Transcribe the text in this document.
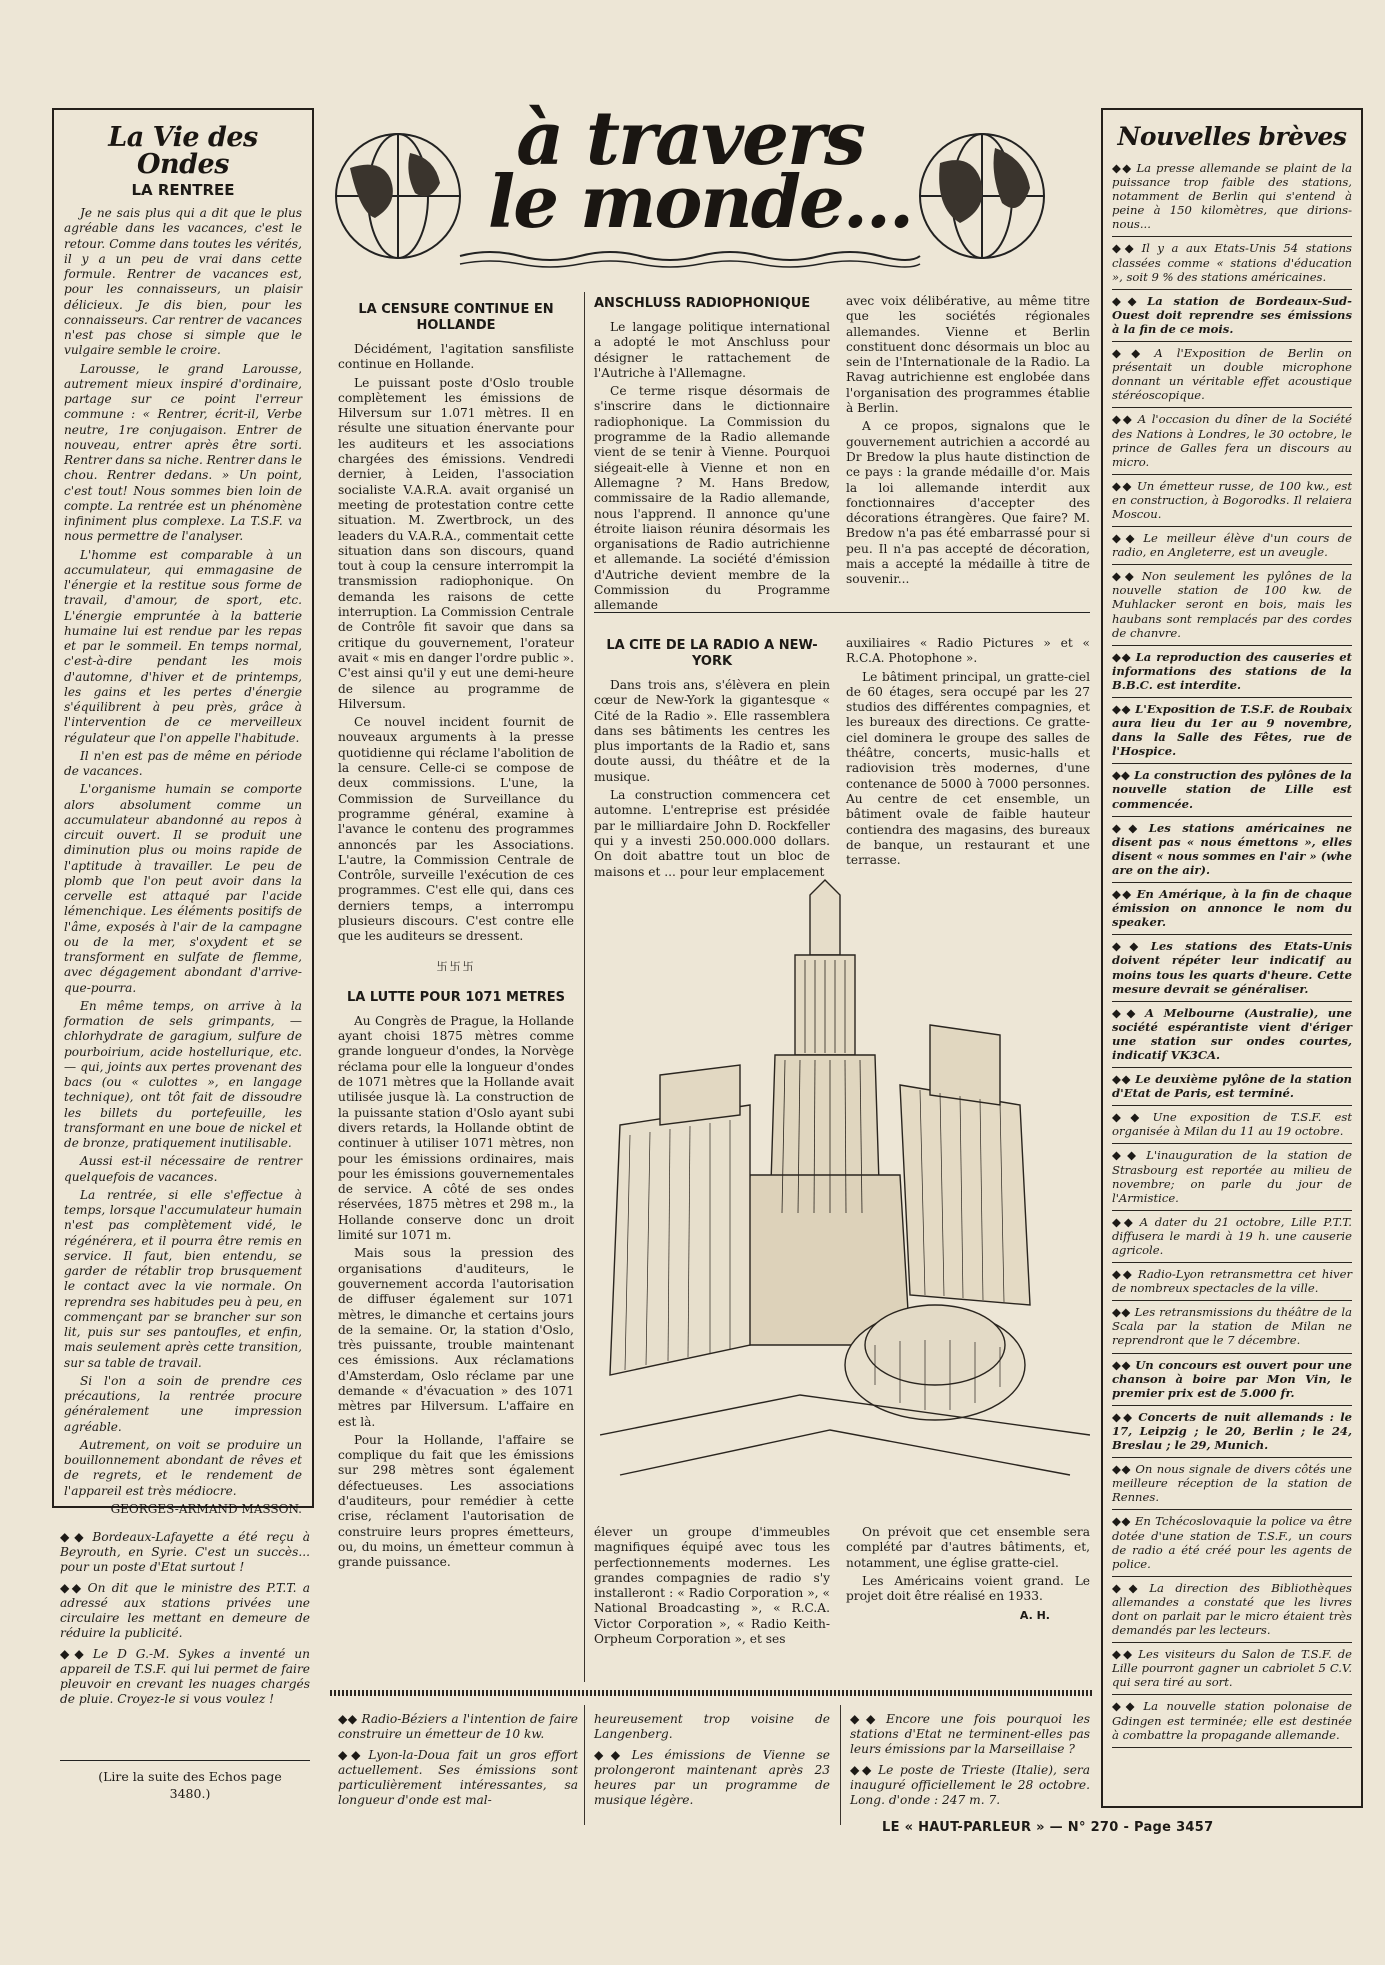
La Vie des Ondes
LA RENTREE

Je ne sais plus qui a dit que le plus agréable dans les vacances, c'est le retour. Comme dans toutes les vérités, il y a un peu de vrai dans cette formule. Rentrer de vacances est, pour les connaisseurs, un plaisir délicieux. Je dis bien, pour les connaisseurs. Car rentrer de vacances n'est pas chose si simple que le vulgaire semble le croire.

Larousse, le grand Larousse, autrement mieux inspiré d'ordinaire, partage sur ce point l'erreur commune : « Rentrer, écrit-il, Verbe neutre, 1re conjugaison. Entrer de nouveau, entrer après être sorti. Rentrer dans sa niche. Rentrer dans le chou. Rentrer dedans. » Un point, c'est tout! Nous sommes bien loin de compte. La rentrée est un phénomène infiniment plus complexe. La T.S.F. va nous permettre de l'analyser.

L'homme est comparable à un accumulateur, qui emmagasine de l'énergie et la restitue sous forme de travail, d'amour, de sport, etc. L'énergie empruntée à la batterie humaine lui est rendue par les repas et par le sommeil. En temps normal, c'est-à-dire pendant les mois d'automne, d'hiver et de printemps, les gains et les pertes d'énergie s'équilibrent à peu près, grâce à l'intervention de ce merveilleux régulateur que l'on appelle l'habitude.

Il n'en est pas de même en période de vacances.

L'organisme humain se comporte alors absolument comme un accumulateur abandonné au repos à circuit ouvert. Il se produit une diminution plus ou moins rapide de l'aptitude à travailler. Le peu de plomb que l'on peut avoir dans la cervelle est attaqué par l'acide lémenchique. Les éléments positifs de l'âme, exposés à l'air de la campagne ou de la mer, s'oxydent et se transforment en sulfate de flemme, avec dégagement abondant d'arrive-que-pourra.

En même temps, on arrive à la formation de sels grimpants, — chlorhydrate de garagium, sulfure de pourboirium, acide hostellurique, etc. — qui, joints aux pertes provenant des bacs (ou « culottes », en langage technique), ont tôt fait de dissoudre les billets du portefeuille, les transformant en une boue de nickel et de bronze, pratiquement inutilisable.

Aussi est-il nécessaire de rentrer quelquefois de vacances.

La rentrée, si elle s'effectue à temps, lorsque l'accumulateur humain n'est pas complètement vidé, le régénérera, et il pourra être remis en service. Il faut, bien entendu, se garder de rétablir trop brusquement le contact avec la vie normale. On reprendra ses habitudes peu à peu, en commençant par se brancher sur son lit, puis sur ses pantoufles, et enfin, mais seulement après cette transition, sur sa table de travail.

Si l'on a soin de prendre ces précautions, la rentrée procure généralement une impression agréable.

Autrement, on voit se produire un bouillonnement abondant de rêves et de regrets, et le rendement de l'appareil est très médiocre.

GEORGES-ARMAND MASSON.
◆◆ Bordeaux-Lafayette a été reçu à Beyrouth, en Syrie. C'est un succès... pour un poste d'Etat surtout !
◆◆ On dit que le ministre des P.T.T. a adressé aux stations privées une circulaire les mettant en demeure de réduire la publicité.
◆◆ Le D G.-M. Sykes a inventé un appareil de T.S.F. qui lui permet de faire pleuvoir en crevant les nuages chargés de pluie. Croyez-le si vous voulez !
(Lire la suite des Echos page 3480.)
à travers
le monde...
LA CENSURE CONTINUE EN HOLLANDE

Décidément, l'agitation sansfiliste continue en Hollande.

Le puissant poste d'Oslo trouble complètement les émissions de Hilversum sur 1.071 mètres. Il en résulte une situation énervante pour les auditeurs et les associations chargées des émissions. Vendredi dernier, à Leiden, l'association socialiste V.A.R.A. avait organisé un meeting de protestation contre cette situation. M. Zwertbrock, un des leaders du V.A.R.A., commentait cette situation dans son discours, quand tout à coup la censure interrompit la transmission radiophonique. On demanda les raisons de cette interruption. La Commission Centrale de Contrôle fit savoir que dans sa critique du gouvernement, l'orateur avait « mis en danger l'ordre public ». C'est ainsi qu'il y eut une demi-heure de silence au programme de Hilversum.

Ce nouvel incident fournit de nouveaux arguments à la presse quotidienne qui réclame l'abolition de la censure. Celle-ci se compose de deux commissions. L'une, la Commission de Surveillance du programme général, examine à l'avance le contenu des programmes annoncés par les Associations. L'autre, la Commission Centrale de Contrôle, surveille l'exécution de ces programmes. C'est elle qui, dans ces derniers temps, a interrompu plusieurs discours. C'est contre elle que les auditeurs se dressent.

卐卐卐
LA LUTTE POUR 1071 METRES

Au Congrès de Prague, la Hollande ayant choisi 1875 mètres comme grande longueur d'ondes, la Norvège réclama pour elle la longueur d'ondes de 1071 mètres que la Hollande avait utilisée jusque là. La construction de la puissante station d'Oslo ayant subi divers retards, la Hollande obtint de continuer à utiliser 1071 mètres, non pour les émissions ordinaires, mais pour les émissions gouvernementales de service. A côté de ses ondes réservées, 1875 mètres et 298 m., la Hollande conserve donc un droit limité sur 1071 m.

Mais sous la pression des organisations d'auditeurs, le gouvernement accorda l'autorisation de diffuser également sur 1071 mètres, le dimanche et certains jours de la semaine. Or, la station d'Oslo, très puissante, trouble maintenant ces émissions. Aux réclamations d'Amsterdam, Oslo réclame par une demande « d'évacuation » des 1071 mètres par Hilversum. L'affaire en est là.

Pour la Hollande, l'affaire se complique du fait que les émissions sur 298 mètres sont également défectueuses. Les associations d'auditeurs, pour remédier à cette crise, réclament l'autorisation de construire leurs propres émetteurs, ou, du moins, un émetteur commun à grande puissance.

ANSCHLUSS RADIOPHONIQUE

Le langage politique international a adopté le mot Anschluss pour désigner le rattachement de l'Autriche à l'Allemagne.

Ce terme risque désormais de s'inscrire dans le dictionnaire radiophonique. La Commission du programme de la Radio allemande vient de se tenir à Vienne. Pourquoi siégeait-elle à Vienne et non en Allemagne ? M. Hans Bredow, commissaire de la Radio allemande, nous l'apprend. Il annonce qu'une étroite liaison réunira désormais les organisations de Radio autrichienne et allemande. La société d'émission d'Autriche devient membre de la Commission du Programme allemande

avec voix délibérative, au même titre que les sociétés régionales allemandes. Vienne et Berlin constituent donc désormais un bloc au sein de l'Internationale de la Radio. La Ravag autrichienne est englobée dans l'organisation des programmes établie à Berlin.

A ce propos, signalons que le gouvernement autrichien a accordé au Dr Bredow la plus haute distinction de ce pays : la grande médaille d'or. Mais la loi allemande interdit aux fonctionnaires d'accepter des décorations étrangères. Que faire? M. Bredow n'a pas été embarrassé pour si peu. Il n'a pas accepté de décoration, mais a accepté la médaille à titre de souvenir...

LA CITE DE LA RADIO A NEW-YORK

Dans trois ans, s'élèvera en plein cœur de New-York la gigantesque « Cité de la Radio ». Elle rassemblera dans ses bâtiments les centres les plus importants de la Radio et, sans doute aussi, du théâtre et de la musique.

La construction commencera cet automne. L'entreprise est présidée par le milliardaire John D. Rockfeller qui y a investi 250.000.000 dollars. On doit abattre tout un bloc de maisons et ... pour leur emplacement

auxiliaires « Radio Pictures » et « R.C.A. Photophone ».

Le bâtiment principal, un gratte-ciel de 60 étages, sera occupé par les 27 studios des différentes compagnies, et les bureaux des directions. Ce gratte-ciel dominera le groupe des salles de théâtre, concerts, music-halls et radiovision très modernes, d'une contenance de 5000 à 7000 personnes. Au centre de cet ensemble, un bâtiment ovale de faible hauteur contiendra des magasins, des bureaux de banque, un restaurant et une terrasse.

élever un groupe d'immeubles magnifiques équipé avec tous les perfectionnements modernes. Les grandes compagnies de radio s'y installeront : « Radio Corporation », « National Broadcasting », « R.C.A. Victor Corporation », « Radio Keith-Orpheum Corporation », et ses

On prévoit que cet ensemble sera complété par d'autres bâtiments, et, notamment, une église gratte-ciel.

Les Américains voient grand. Le projet doit être réalisé en 1933.

A. H.
◆◆ Radio-Béziers a l'intention de faire construire un émetteur de 10 kw.
◆◆ Lyon-la-Doua fait un gros effort actuellement. Ses émissions sont particulièrement intéressantes, sa longueur d'onde est mal-
heureusement trop voisine de Langenberg.
◆◆ Les émissions de Vienne se prolongeront maintenant après 23 heures par un programme de musique légère.
◆◆ Encore une fois pourquoi les stations d'Etat ne terminent-elles pas leurs émissions par la Marseillaise ?
◆◆ Le poste de Trieste (Italie), sera inauguré officiellement le 28 octobre. Long. d'onde : 247 m. 7.
Nouvelles brèves
◆◆ La presse allemande se plaint de la puissance trop faible des stations, notamment de Berlin qui s'entend à peine à 150 kilomètres, que dirions-nous...
◆◆ Il y a aux Etats-Unis 54 stations classées comme « stations d'éducation », soit 9 % des stations américaines.
◆◆ La station de Bordeaux-Sud-Ouest doit reprendre ses émissions à la fin de ce mois.
◆◆ A l'Exposition de Berlin on présentait un double microphone donnant un véritable effet acoustique stéréoscopique.
◆◆ A l'occasion du dîner de la Société des Nations à Londres, le 30 octobre, le prince de Galles fera un discours au micro.
◆◆ Un émetteur russe, de 100 kw., est en construction, à Bogorodks. Il relaiera Moscou.
◆◆ Le meilleur élève d'un cours de radio, en Angleterre, est un aveugle.
◆◆ Non seulement les pylônes de la nouvelle station de 100 kw. de Muhlacker seront en bois, mais les haubans sont remplacés par des cordes de chanvre.
◆◆ La reproduction des causeries et informations des stations de la B.B.C. est interdite.
◆◆ L'Exposition de T.S.F. de Roubaix aura lieu du 1er au 9 novembre, dans la Salle des Fêtes, rue de l'Hospice.
◆◆ La construction des pylônes de la nouvelle station de Lille est commencée.
◆◆ Les stations américaines ne disent pas « nous émettons », elles disent « nous sommes en l'air » (whe are on the air).
◆◆ En Amérique, à la fin de chaque émission on annonce le nom du speaker.
◆◆ Les stations des Etats-Unis doivent répéter leur indicatif au moins tous les quarts d'heure. Cette mesure devrait se généraliser.
◆◆ A Melbourne (Australie), une société espérantiste vient d'ériger une station sur ondes courtes, indicatif VK3CA.
◆◆ Le deuxième pylône de la station d'Etat de Paris, est terminé.
◆◆ Une exposition de T.S.F. est organisée à Milan du 11 au 19 octobre.
◆◆ L'inauguration de la station de Strasbourg est reportée au milieu de novembre; on parle du jour de l'Armistice.
◆◆ A dater du 21 octobre, Lille P.T.T. diffusera le mardi à 19 h. une causerie agricole.
◆◆ Radio-Lyon retransmettra cet hiver de nombreux spectacles de la ville.
◆◆ Les retransmissions du théâtre de la Scala par la station de Milan ne reprendront que le 7 décembre.
◆◆ Un concours est ouvert pour une chanson à boire par Mon Vin, le premier prix est de 5.000 fr.
◆◆ Concerts de nuit allemands : le 17, Leipzig ; le 20, Berlin ; le 24, Breslau ; le 29, Munich.
◆◆ On nous signale de divers côtés une meilleure réception de la station de Rennes.
◆◆ En Tchécoslovaquie la police va être dotée d'une station de T.S.F., un cours de radio a été créé pour les agents de police.
◆◆ La direction des Bibliothèques allemandes a constaté que les livres dont on parlait par le micro étaient très demandés par les lecteurs.
◆◆ Les visiteurs du Salon de T.S.F. de Lille pourront gagner un cabriolet 5 C.V. qui sera tiré au sort.
◆◆ La nouvelle station polonaise de Gdingen est terminée; elle est destinée à combattre la propagande allemande.
LE « HAUT-PARLEUR » — N° 270 - Page 3457
